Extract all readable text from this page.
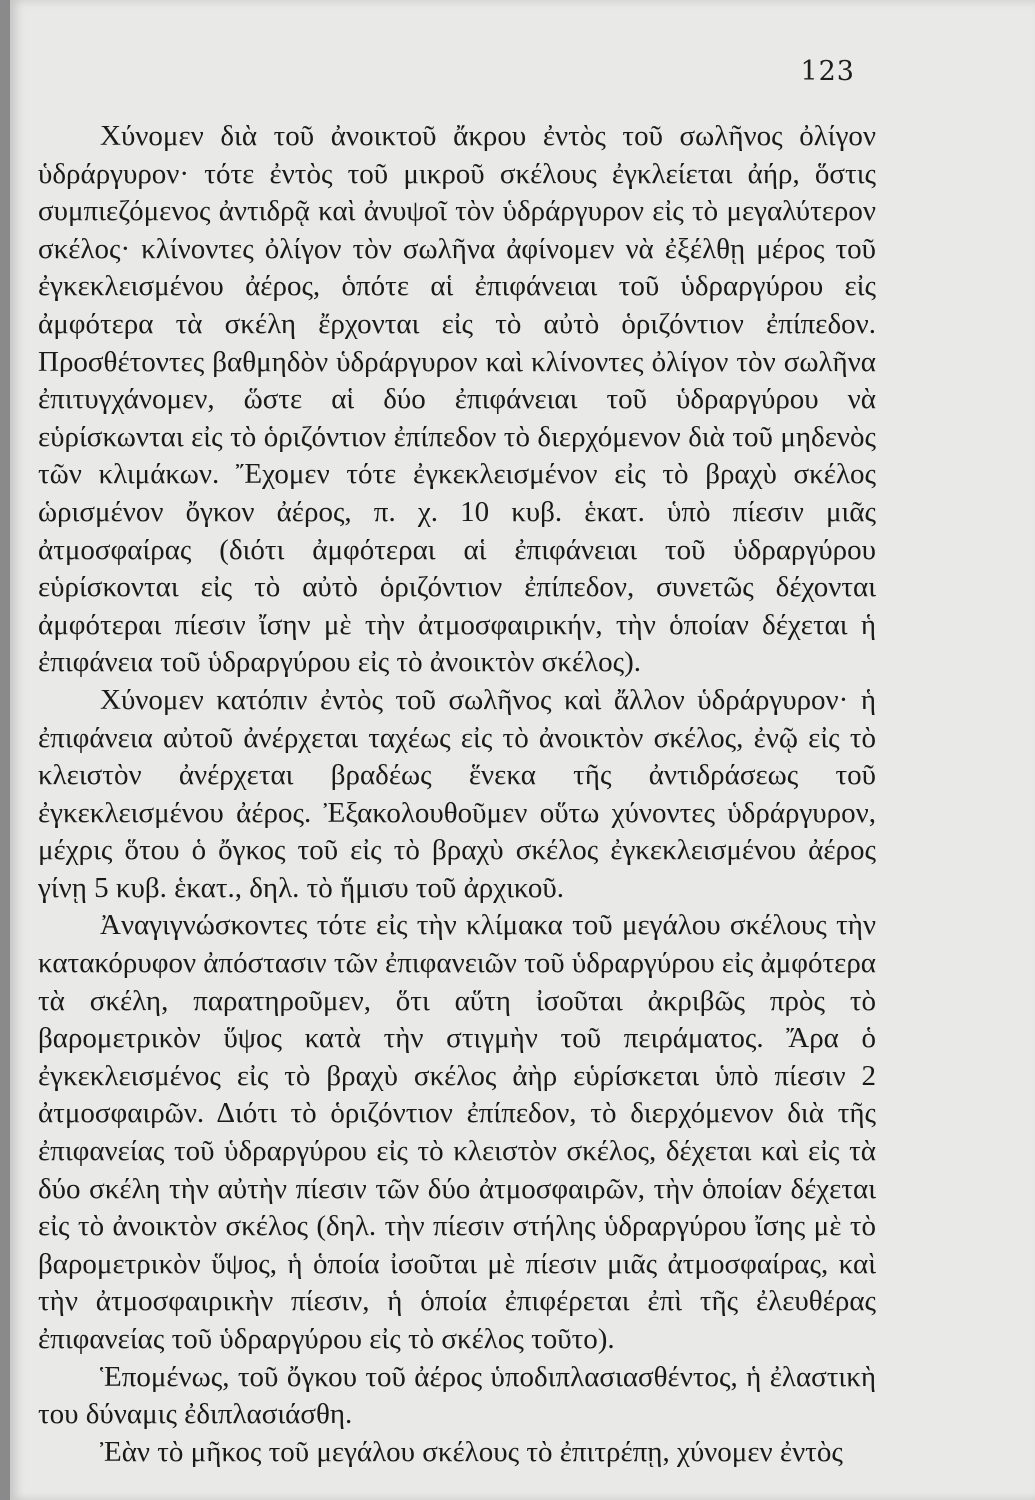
123

Χύνομεν διὰ τοῦ ἀνοικτοῦ ἄκρου ἐντὸς τοῦ σωλῆνος ὀλίγον ὑδράργυρον· τότε ἐντὸς τοῦ μικροῦ σκέλους ἐγκλείεται ἀήρ, ὅστις συμπιεζόμενος ἀντιδρᾷ καὶ ἀνυψοῖ τὸν ὑδράργυρον εἰς τὸ μεγαλύτερον σκέλος· κλίνοντες ὀλίγον τὸν σωλῆνα ἀφίνομεν νὰ ἐξέλθῃ μέρος τοῦ ἐγκεκλεισμένου ἀέρος, ὁπότε αἱ ἐπιφάνειαι τοῦ ὑδραργύρου εἰς ἀμφότερα τὰ σκέλη ἔρχονται εἰς τὸ αὐτὸ ὁριζόντιον ἐπίπεδον. Προσθέτοντες βαθμηδὸν ὑδράργυρον καὶ κλίνοντες ὀλίγον τὸν σωλῆνα ἐπιτυγχάνομεν, ὥστε αἱ δύο ἐπιφάνειαι τοῦ ὑδραργύρου νὰ εὑρίσκωνται εἰς τὸ ὁριζόντιον ἐπίπεδον τὸ διερχόμενον διὰ τοῦ μηδενὸς τῶν κλιμάκων. Ἔχομεν τότε ἐγκεκλεισμένον εἰς τὸ βραχὺ σκέλος ὡρισμένον ὄγκον ἀέρος, π. χ. 10 κυβ. ἑκατ. ὑπὸ πίεσιν μιᾶς ἀτμοσφαίρας (διότι ἀμφότεραι αἱ ἐπιφάνειαι τοῦ ὑδραργύρου εὑρίσκονται εἰς τὸ αὐτὸ ὁριζόντιον ἐπίπεδον, συνετῶς δέχονται ἀμφότεραι πίεσιν ἴσην μὲ τὴν ἀτμοσφαιρικήν, τὴν ὁποίαν δέχεται ἡ ἐπιφάνεια τοῦ ὑδραργύρου εἰς τὸ ἀνοικτὸν σκέλος).

Χύνομεν κατόπιν ἐντὸς τοῦ σωλῆνος καὶ ἄλλον ὑδράργυρον· ἡ ἐπιφάνεια αὐτοῦ ἀνέρχεται ταχέως εἰς τὸ ἀνοικτὸν σκέλος, ἐνῷ εἰς τὸ κλειστὸν ἀνέρχεται βραδέως ἕνεκα τῆς ἀντιδράσεως τοῦ ἐγκεκλεισμένου ἀέρος. Ἐξακολουθοῦμεν οὕτω χύνοντες ὑδράργυρον, μέχρις ὅτου ὁ ὄγκος τοῦ εἰς τὸ βραχὺ σκέλος ἐγκεκλεισμένου ἀέρος γίνῃ 5 κυβ. ἑκατ., δηλ. τὸ ἥμισυ τοῦ ἀρχικοῦ.

Ἀναγιγνώσκοντες τότε εἰς τὴν κλίμακα τοῦ μεγάλου σκέλους τὴν κατακόρυφον ἀπόστασιν τῶν ἐπιφανειῶν τοῦ ὑδραργύρου εἰς ἀμφότερα τὰ σκέλη, παρατηροῦμεν, ὅτι αὕτη ἰσοῦται ἀκριβῶς πρὸς τὸ βαρομετρικὸν ὕψος κατὰ τὴν στιγμὴν τοῦ πειράματος. Ἄρα ὁ ἐγκεκλεισμένος εἰς τὸ βραχὺ σκέλος ἀὴρ εὑρίσκεται ὑπὸ πίεσιν 2 ἀτμοσφαιρῶν. Διότι τὸ ὁριζόντιον ἐπίπεδον, τὸ διερχόμενον διὰ τῆς ἐπιφανείας τοῦ ὑδραργύρου εἰς τὸ κλειστὸν σκέλος, δέχεται καὶ εἰς τὰ δύο σκέλη τὴν αὐτὴν πίεσιν τῶν δύο ἀτμοσφαιρῶν, τὴν ὁποίαν δέχεται εἰς τὸ ἀνοικτὸν σκέλος (δηλ. τὴν πίεσιν στήλης ὑδραργύρου ἴσης μὲ τὸ βαρομετρικὸν ὕψος, ἡ ὁποία ἰσοῦται μὲ πίεσιν μιᾶς ἀτμοσφαίρας, καὶ τὴν ἀτμοσφαιρικὴν πίεσιν, ἡ ὁποία ἐπιφέρεται ἐπὶ τῆς ἐλευθέρας ἐπιφανείας τοῦ ὑδραργύρου εἰς τὸ σκέλος τοῦτο).

Ἑπομένως, τοῦ ὄγκου τοῦ ἀέρος ὑποδιπλασιασθέντος, ἡ ἐλαστικὴ του δύναμις ἐδιπλασιάσθη.

Ἐὰν τὸ μῆκος τοῦ μεγάλου σκέλους τὸ ἐπιτρέπῃ, χύνομεν ἐντὸς
